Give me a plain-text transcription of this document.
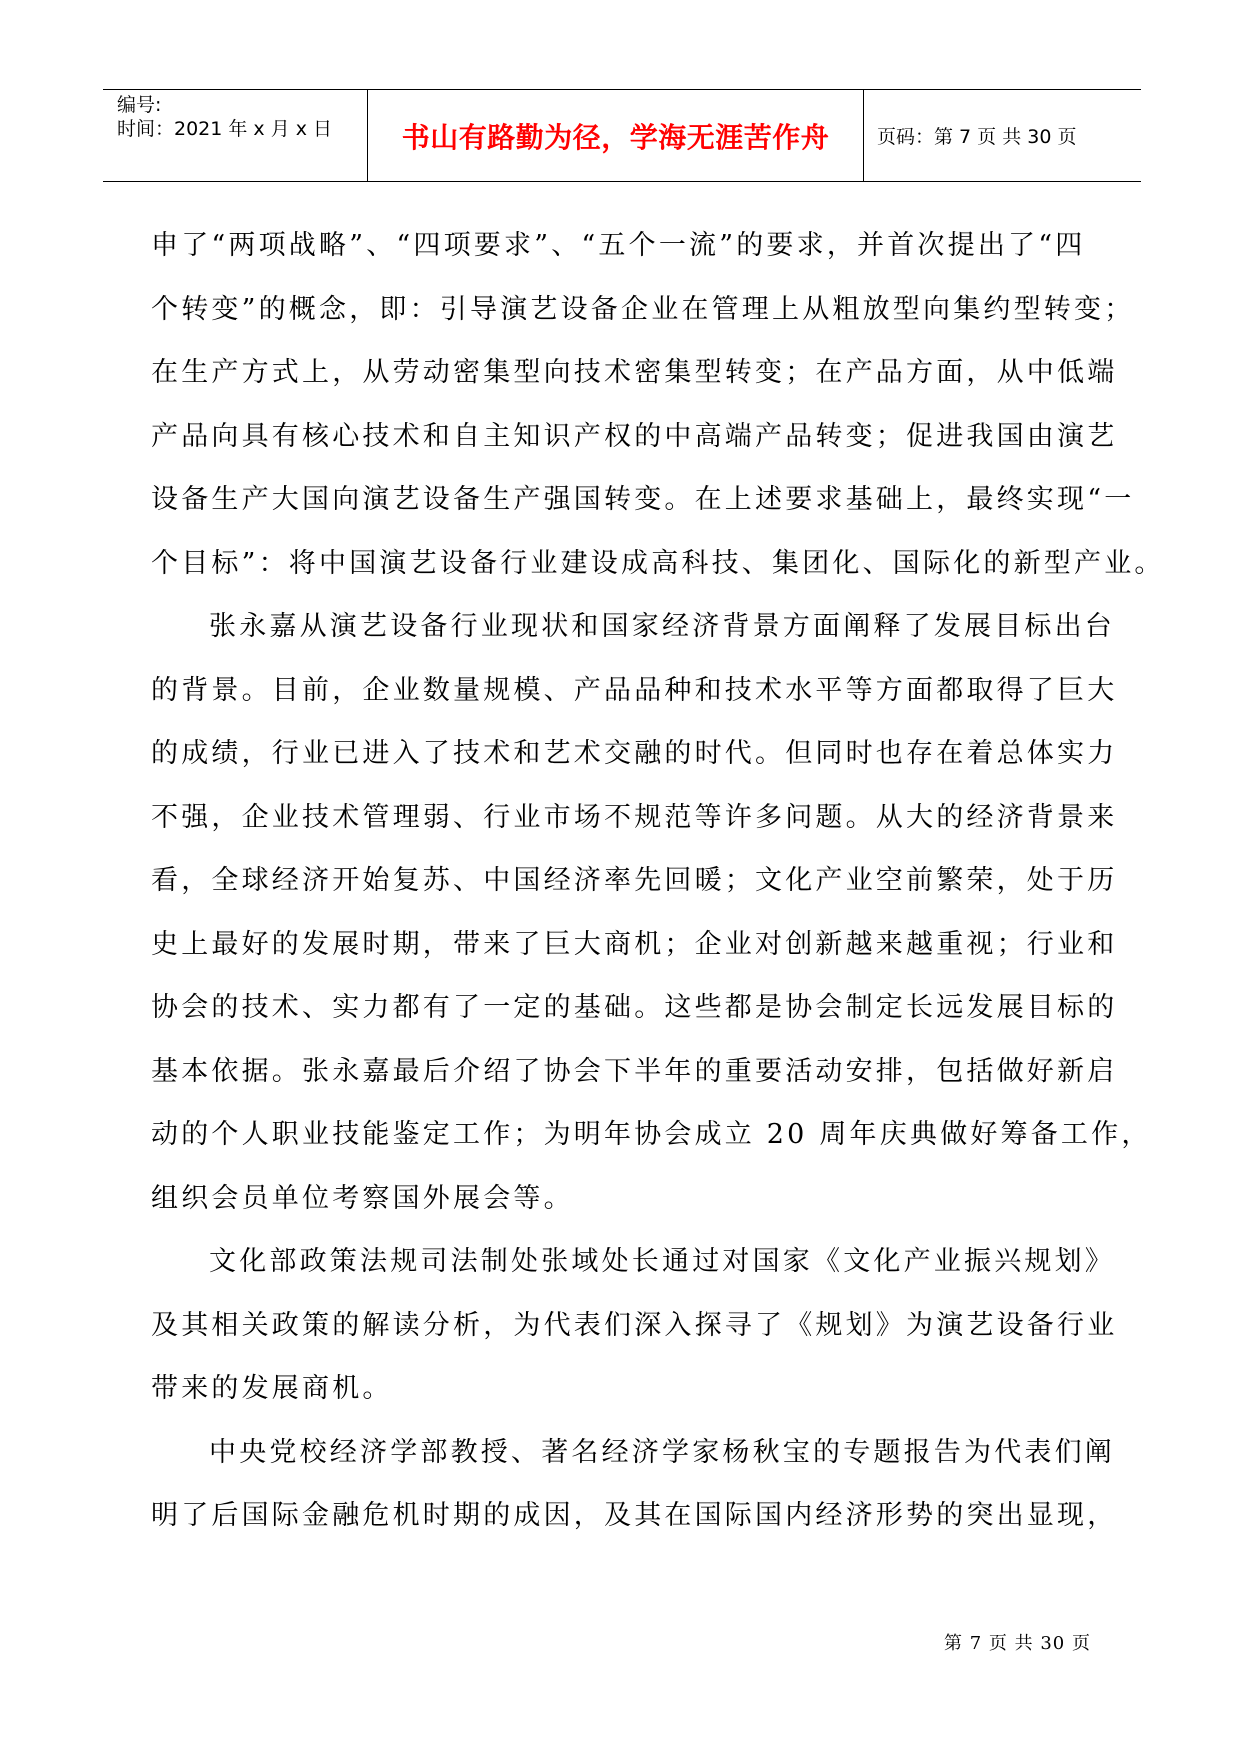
编号:
时间：2021 年 x 月 x 日	书山有路勤为径，学海无涯苦作舟	页码：第 7 页 共 30 页
申了“两项战略”、“四项要求”、“五个一流”的要求，并首次提出了“四
个转变”的概念，即：引导演艺设备企业在管理上从粗放型向集约型转变；
在生产方式上，从劳动密集型向技术密集型转变；在产品方面，从中低端
产品向具有核心技术和自主知识产权的中高端产品转变；促进我国由演艺
设备生产大国向演艺设备生产强国转变。在上述要求基础上，最终实现“一
个目标”：将中国演艺设备行业建设成高科技、集团化、国际化的新型产业。
张永嘉从演艺设备行业现状和国家经济背景方面阐释了发展目标出台
的背景。目前，企业数量规模、产品品种和技术水平等方面都取得了巨大
的成绩，行业已进入了技术和艺术交融的时代。但同时也存在着总体实力
不强，企业技术管理弱、行业市场不规范等许多问题。从大的经济背景来
看，全球经济开始复苏、中国经济率先回暖；文化产业空前繁荣，处于历
史上最好的发展时期，带来了巨大商机；企业对创新越来越重视；行业和
协会的技术、实力都有了一定的基础。这些都是协会制定长远发展目标的
基本依据。张永嘉最后介绍了协会下半年的重要活动安排，包括做好新启
动的个人职业技能鉴定工作；为明年协会成立 20 周年庆典做好筹备工作，
组织会员单位考察国外展会等。
文化部政策法规司法制处张域处长通过对国家《文化产业振兴规划》
及其相关政策的解读分析，为代表们深入探寻了《规划》为演艺设备行业
带来的发展商机。
中央党校经济学部教授、著名经济学家杨秋宝的专题报告为代表们阐
明了后国际金融危机时期的成因，及其在国际国内经济形势的突出显现，
第 7 页 共 30 页
